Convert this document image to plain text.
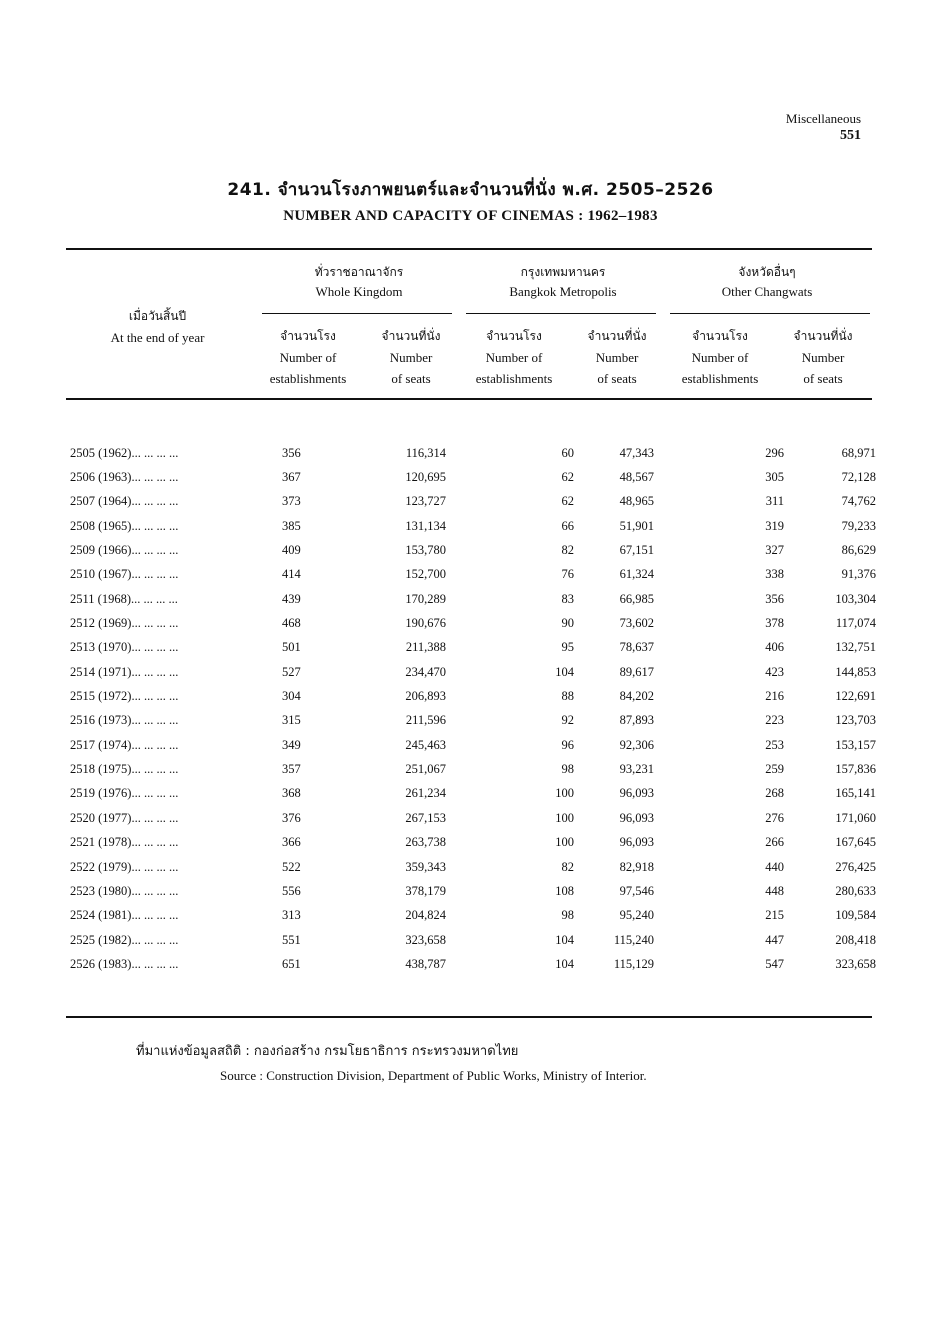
Miscellaneous
551
241. จำนวนโรงภาพยนตร์และจำนวนที่นั่ง พ.ศ. 2505–2526
NUMBER AND CAPACITY OF CINEMAS : 1962–1983
เมื่อวันสิ้นปี
At the end of year
ทั่วราชอาณาจักร
Whole Kingdom
กรุงเทพมหานคร
Bangkok Metropolis
จังหวัดอื่นๆ
Other Changwats
จำนวนโรง
Number of
establishments
จำนวนที่นั่ง
Number
of seats
จำนวนโรง
Number of
establishments
จำนวนที่นั่ง
Number
of seats
จำนวนโรง
Number of
establishments
จำนวนที่นั่ง
Number
of seats
2505 (1962)... ... ... ...	356	116,314	60	47,343	296	68,971
2506 (1963)... ... ... ...	367	120,695	62	48,567	305	72,128
2507 (1964)... ... ... ...	373	123,727	62	48,965	311	74,762
2508 (1965)... ... ... ...	385	131,134	66	51,901	319	79,233
2509 (1966)... ... ... ...	409	153,780	82	67,151	327	86,629
2510 (1967)... ... ... ...	414	152,700	76	61,324	338	91,376
2511 (1968)... ... ... ...	439	170,289	83	66,985	356	103,304
2512 (1969)... ... ... ...	468	190,676	90	73,602	378	117,074
2513 (1970)... ... ... ...	501	211,388	95	78,637	406	132,751
2514 (1971)... ... ... ...	527	234,470	104	89,617	423	144,853
2515 (1972)... ... ... ...	304	206,893	88	84,202	216	122,691
2516 (1973)... ... ... ...	315	211,596	92	87,893	223	123,703
2517 (1974)... ... ... ...	349	245,463	96	92,306	253	153,157
2518 (1975)... ... ... ...	357	251,067	98	93,231	259	157,836
2519 (1976)... ... ... ...	368	261,234	100	96,093	268	165,141
2520 (1977)... ... ... ...	376	267,153	100	96,093	276	171,060
2521 (1978)... ... ... ...	366	263,738	100	96,093	266	167,645
2522 (1979)... ... ... ...	522	359,343	82	82,918	440	276,425
2523 (1980)... ... ... ...	556	378,179	108	97,546	448	280,633
2524 (1981)... ... ... ...	313	204,824	98	95,240	215	109,584
2525 (1982)... ... ... ...	551	323,658	104	115,240	447	208,418
2526 (1983)... ... ... ...	651	438,787	104	115,129	547	323,658
ที่มาแห่งข้อมูลสถิติ : กองก่อสร้าง กรมโยธาธิการ กระทรวงมหาดไทย
Source : Construction Division, Department of Public Works, Ministry of Interior.
